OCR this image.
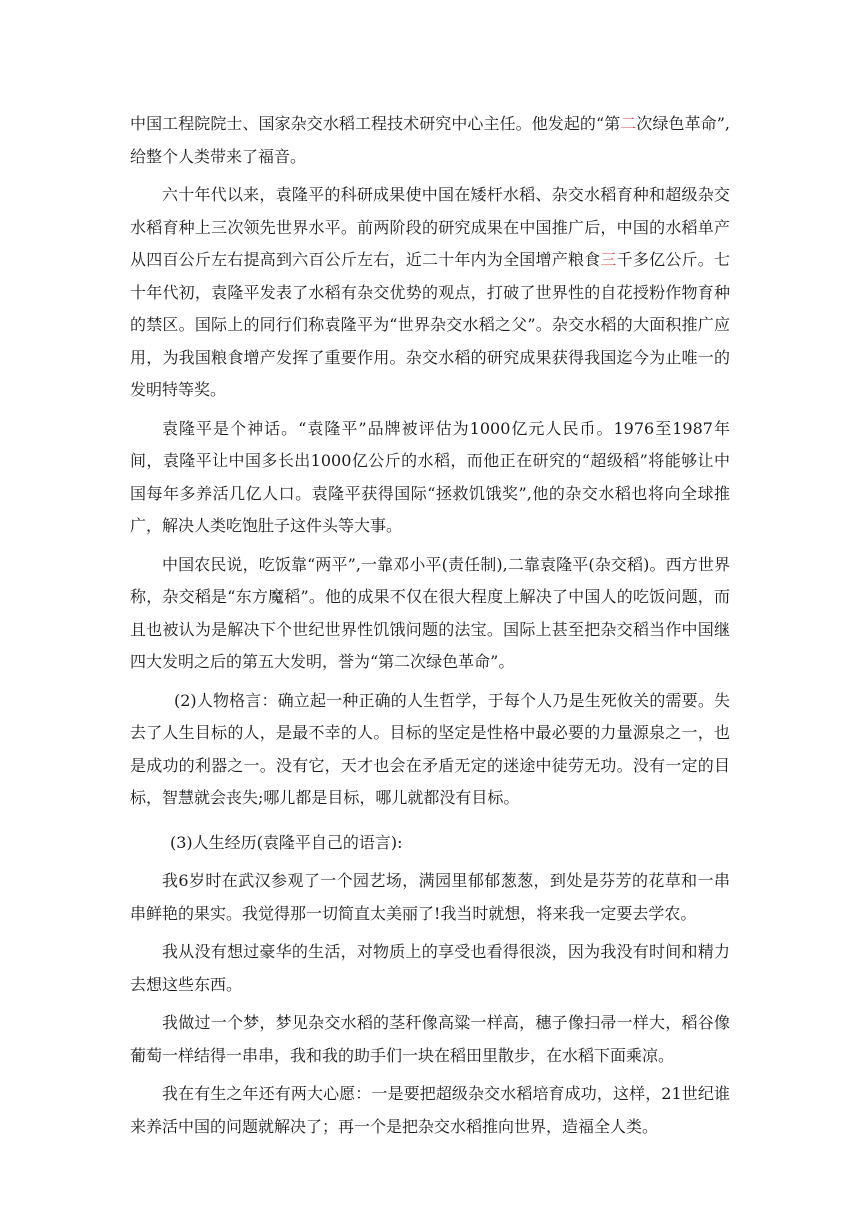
中国工程院院士、国家杂交水稻工程技术研究中心主任。他发起的“第二次绿色革命”,给整个人类带来了福音。

六十年代以来，袁隆平的科研成果使中国在矮杆水稻、杂交水稻育种和超级杂交水稻育种上三次领先世界水平。前两阶段的研究成果在中国推广后，中国的水稻单产从四百公斤左右提高到六百公斤左右，近二十年内为全国增产粮食三千多亿公斤。七十年代初，袁隆平发表了水稻有杂交优势的观点，打破了世界性的自花授粉作物育种的禁区。国际上的同行们称袁隆平为“世界杂交水稻之父”。杂交水稻的大面积推广应用，为我国粮食增产发挥了重要作用。杂交水稻的研究成果获得我国迄今为止唯一的发明特等奖。

袁隆平是个神话。“袁隆平”品牌被评估为1000亿元人民币。1976至1987年间，袁隆平让中国多长出1000亿公斤的水稻，而他正在研究的“超级稻”将能够让中国每年多养活几亿人口。袁隆平获得国际“拯救饥饿奖”,他的杂交水稻也将向全球推广，解决人类吃饱肚子这件头等大事。

中国农民说，吃饭靠“两平”,一靠邓小平(责任制),二靠袁隆平(杂交稻)。西方世界称，杂交稻是“东方魔稻”。他的成果不仅在很大程度上解决了中国人的吃饭问题，而且也被认为是解决下个世纪世界性饥饿问题的法宝。国际上甚至把杂交稻当作中国继四大发明之后的第五大发明，誉为“第二次绿色革命”。

(2)人物格言：确立起一种正确的人生哲学，于每个人乃是生死攸关的需要。失去了人生目标的人，是最不幸的人。目标的坚定是性格中最必要的力量源泉之一，也是成功的利器之一。没有它，天才也会在矛盾无定的迷途中徒劳无功。没有一定的目标，智慧就会丧失;哪儿都是目标，哪儿就都没有目标。

(3)人生经历(袁隆平自己的语言):

我6岁时在武汉参观了一个园艺场，满园里郁郁葱葱，到处是芬芳的花草和一串串鲜艳的果实。我觉得那一切简直太美丽了!我当时就想，将来我一定要去学农。

我从没有想过豪华的生活，对物质上的享受也看得很淡，因为我没有时间和精力去想这些东西。

我做过一个梦，梦见杂交水稻的茎秆像高粱一样高，穗子像扫帚一样大，稻谷像葡萄一样结得一串串，我和我的助手们一块在稻田里散步，在水稻下面乘凉。

我在有生之年还有两大心愿：一是要把超级杂交水稻培育成功，这样，21世纪谁来养活中国的问题就解决了；再一个是把杂交水稻推向世界，造福全人类。
